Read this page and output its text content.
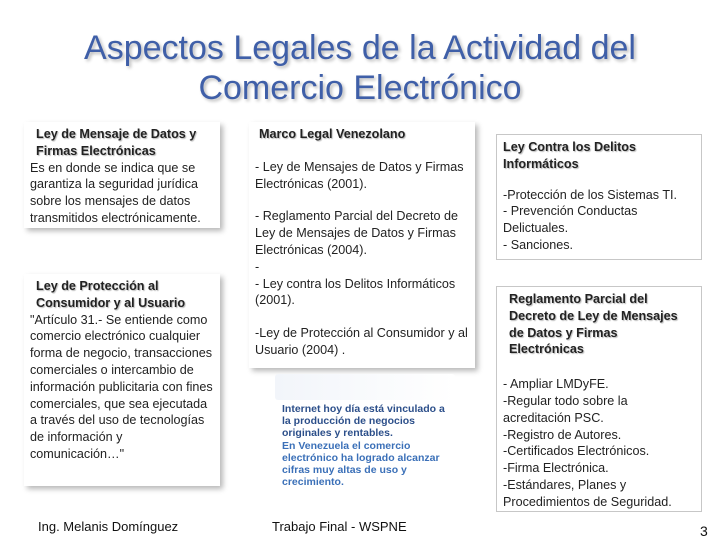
Aspectos Legales de la Actividad del
Comercio Electrónico
Ley de Mensaje de Datos y Firmas Electrónicas
Es en donde se indica que se garantiza la seguridad jurídica sobre los mensajes de datos transmitidos electrónicamente.
Ley de Protección al Consumidor y al Usuario
"Artículo 31.- Se entiende como comercio electrónico cualquier forma de negocio, transacciones comerciales o intercambio de información publicitaria con fines comerciales, que sea ejecutada a través del uso de tecnologías de información y comunicación…"
Marco Legal Venezolano
- Ley de Mensajes de Datos y Firmas Electrónicas (2001).
- Reglamento Parcial del Decreto de Ley de Mensajes de Datos y Firmas Electrónicas (2004).
-
- Ley contra los Delitos Informáticos (2001).
-Ley de Protección al Consumidor y al Usuario (2004) .
Internet hoy día está vinculado a la producción de negocios originales y rentables.
En Venezuela el comercio electrónico ha logrado alcanzar cifras muy altas de uso y crecimiento.
Ley Contra los Delitos Informáticos
-Protección de los Sistemas TI.
- Prevención Conductas Delictuales.
- Sanciones.
Reglamento Parcial del Decreto de Ley de Mensajes de Datos y Firmas Electrónicas
- Ampliar LMDyFE.
-Regular todo sobre la acreditación PSC.
-Registro de Autores.
-Certificados Electrónicos.
-Firma Electrónica.
-Estándares, Planes y Procedimientos de Seguridad.
Ing. Melanis Domínguez	Trabajo Final - WSPNE	3
